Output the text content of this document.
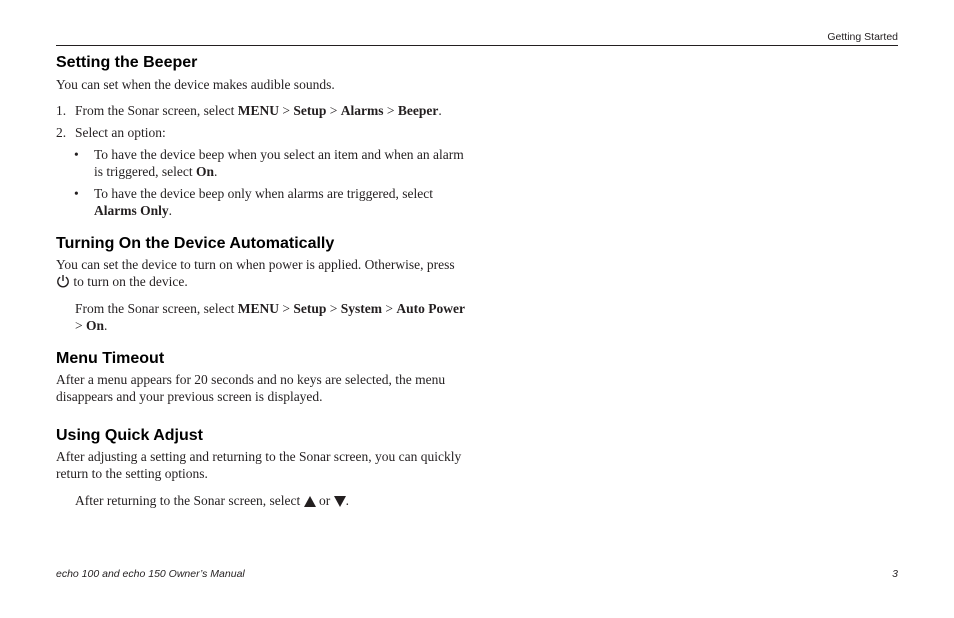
Getting Started
Setting the Beeper

You can set when the device makes audible sounds.

1. From the Sonar screen, select MENU > Setup > Alarms > Beeper.
2. Select an option:
• To have the device beep when you select an item and when an alarm is triggered, select On.
• To have the device beep only when alarms are triggered, select Alarms Only.
Turning On the Device Automatically

You can set the device to turn on when power is applied. Otherwise, press  to turn on the device.

From the Sonar screen, select MENU > Setup > System > Auto Power > On.
Menu Timeout

After a menu appears for 20 seconds and no keys are selected, the menu disappears and your previous screen is displayed.

Using Quick Adjust

After adjusting a setting and returning to the Sonar screen, you can quickly return to the setting options.

After returning to the Sonar screen, select  or .
echo 100 and echo 150 Owner’s Manual	3
